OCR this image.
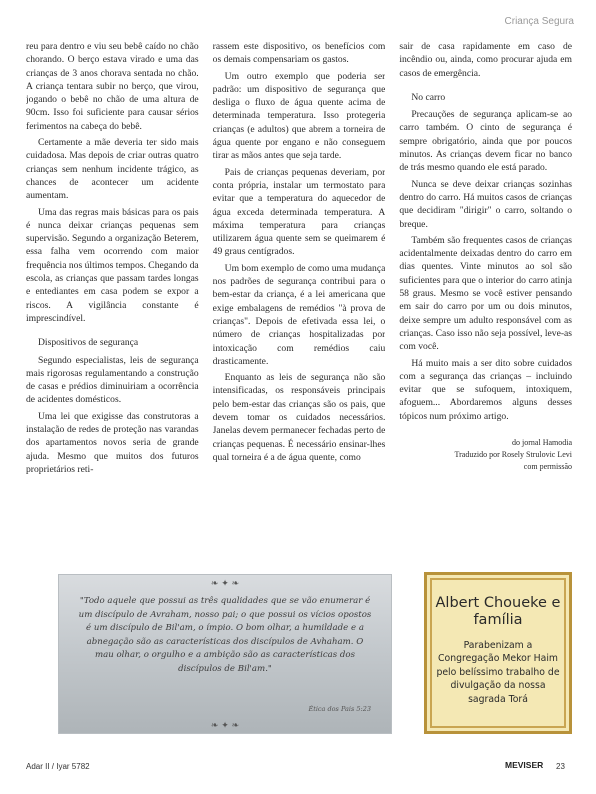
Criança Segura

reu para dentro e viu seu bebê caído no chão chorando. O berço estava virado e uma das crianças de 3 anos chorava sentada no chão. A criança tentara subir no berço, que virou, jogando o bebê no chão de uma altura de 90cm. Isso foi suficiente para causar sérios ferimentos na cabeça do bebê.

Certamente a mãe deveria ter sido mais cuidadosa. Mas depois de criar outras quatro crianças sem nenhum incidente trágico, as chances de acontecer um acidente aumentam.

Uma das regras mais básicas para os pais é nunca deixar crianças pequenas sem supervisão. Segundo a organização Beterem, essa falha vem ocorrendo com maior frequência nos últimos tempos. Chegando da escola, as crianças que passam tardes longas e entediantes em casa podem se expor a riscos. A vigilância constante é imprescindível.

Dispositivos de segurança

Segundo especialistas, leis de segurança mais rigorosas regulamentando a construção de casas e prédios diminuiriam a ocorrência de acidentes domésticos.

Uma lei que exigisse das construtoras a instalação de redes de proteção nas varandas dos apartamentos novos seria de grande ajuda. Mesmo que muitos dos futuros proprietários reti-

rassem este dispositivo, os benefícios com os demais compensariam os gastos.

Um outro exemplo que poderia ser padrão: um dispositivo de segurança que desliga o fluxo de água quente acima de determinada temperatura. Isso protegeria crianças (e adultos) que abrem a torneira de água quente por engano e não conseguem tirar as mãos antes que seja tarde.

Pais de crianças pequenas deveriam, por conta própria, instalar um termostato para evitar que a temperatura do aquecedor de água exceda determinada temperatura. A máxima temperatura para crianças utilizarem água quente sem se queimarem é 49 graus centígrados.

Um bom exemplo de como uma mudança nos padrões de segurança contribui para o bem-estar da criança, é a lei americana que exige embalagens de remédios "à prova de crianças". Depois de efetivada essa lei, o número de crianças hospitalizadas por intoxicação com remédios caiu drasticamente.

Enquanto as leis de segurança não são intensificadas, os responsáveis principais pelo bem-estar das crianças são os pais, que devem tomar os cuidados necessários. Janelas devem permanecer fechadas perto de crianças pequenas. É necessário ensinar-lhes qual torneira é a de água quente, como

sair de casa rapidamente em caso de incêndio ou, ainda, como procurar ajuda em casos de emergência.

No carro

Precauções de segurança aplicam-se ao carro também. O cinto de segurança é sempre obrigatório, ainda que por poucos minutos. As crianças devem ficar no banco de trás mesmo quando ele está parado.

Nunca se deve deixar crianças sozinhas dentro do carro. Há muitos casos de crianças que decidiram "dirigir" o carro, soltando o breque.

Também são frequentes casos de crianças acidentalmente deixadas dentro do carro em dias quentes. Vinte minutos ao sol são suficientes para que o interior do carro atinja 58 graus. Mesmo se você estiver pensando em sair do carro por um ou dois minutos, deixe sempre um adulto responsável com as crianças. Caso isso não seja possível, leve-as com você.

Há muito mais a ser dito sobre cuidados com a segurança das crianças – incluindo evitar que se sufoquem, intoxiquem, afoguem... Abordaremos alguns desses tópicos num próximo artigo.

do jornal Hamodia
Traduzido por Rosely Strulovic Levi
com permissão
❧ ✦ ❧
"Todo aquele que possui as três qualidades que se vão enumerar é um discípulo de Avraham, nosso pai; o que possui os vícios opostos é um discípulo de Bil'am, o ímpio. O bom olhar, a humildade e a abnegação são as características dos discípulos de Avhaham. O mau olhar, o orgulho e a ambição são as características dos discípulos de Bil'am."
Ética dos Pais 5:23
❧ ✦ ❧
Albert Choueke e família
Parabenizam a Congregação Mekor Haim pelo belíssimo trabalho de divulgação da nossa sagrada Torá
Adar II / Iyar 5782	MEVISER 23
